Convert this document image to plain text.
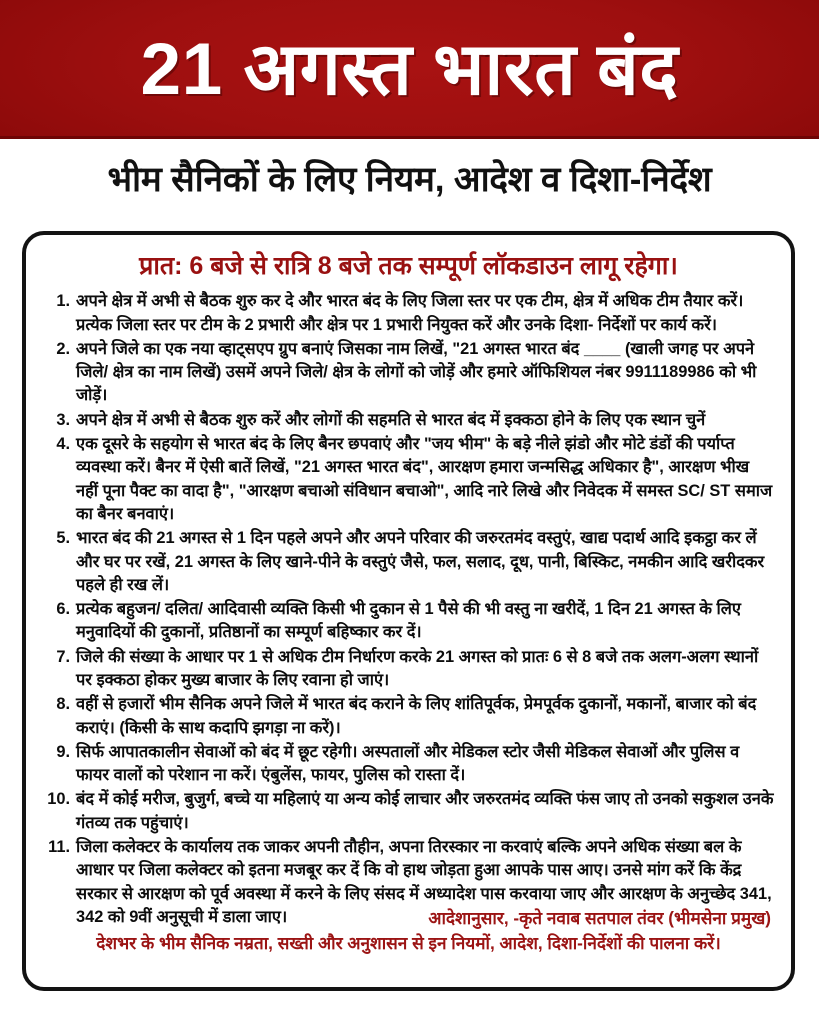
21 अगस्त भारत बंद
भीम सैनिकों के लिए नियम, आदेश व दिशा-निर्देश
प्रात: 6 बजे से रात्रि 8 बजे तक सम्पूर्ण लॉकडाउन लागू रहेगा।
अपने क्षेत्र में अभी से बैठक शुरु कर दे और भारत बंद के लिए जिला स्तर पर एक टीम, क्षेत्र में अधिक टीम तैयार करें। प्रत्येक जिला स्तर पर टीम के 2 प्रभारी और क्षेत्र पर 1 प्रभारी नियुक्त करें और उनके दिशा- निर्देशों पर कार्य करें।
अपने जिले का एक नया व्हाट्सएप ग्रुप बनाएं जिसका नाम लिखें, "21 अगस्त भारत बंद ____ (खाली जगह पर अपने जिले/ क्षेत्र का नाम लिखें) उसमें अपने जिले/ क्षेत्र के लोगों को जोड़ें और हमारे ऑफिशियल नंबर 9911189986 को भी जोड़ें।
अपने क्षेत्र में अभी से बैठक शुरु करें और लोगों की सहमति से भारत बंद में इक्कठा होने के लिए एक स्थान चुनें
एक दूसरे के सहयोग से भारत बंद के लिए बैनर छपवाएं और "जय भीम" के बड़े नीले झंडो और मोटे डंडों की पर्याप्त व्यवस्था करें। बैनर में ऐसी बातें लिखें, "21 अगस्त भारत बंद", आरक्षण हमारा जन्मसिद्ध अधिकार है", आरक्षण भीख नहीं पूना पैक्ट का वादा है", "आरक्षण बचाओ संविधान बचाओ", आदि नारे लिखे और निवेदक में समस्त SC/ ST समाज का बैनर बनवाएं।
भारत बंद की 21 अगस्त से 1 दिन पहले अपने और अपने परिवार की जरुरतमंद वस्तुएं, खाद्य पदार्थ आदि इकट्ठा कर लें और घर पर रखें, 21 अगस्त के लिए खाने-पीने के वस्तुएं जैसे, फल, सलाद, दूध, पानी, बिस्किट, नमकीन आदि खरीदकर पहले ही रख लें।
प्रत्येक बहुजन/ दलित/ आदिवासी व्यक्ति किसी भी दुकान से 1 पैसे की भी वस्तु ना खरीदें, 1 दिन 21 अगस्त के लिए मनुवादियों की दुकानों, प्रतिष्ठानों का सम्पूर्ण बहिष्कार कर दें।
जिले की संख्या के आधार पर 1 से अधिक टीम निर्धारण करके 21 अगस्त को प्रातः 6 से 8 बजे तक अलग-अलग स्थानों पर इक्कठा होकर मुख्य बाजार के लिए रवाना हो जाएं।
वहीं से हजारों भीम सैनिक अपने जिले में भारत बंद कराने के लिए शांतिपूर्वक, प्रेमपूर्वक दुकानों, मकानों, बाजार को बंद कराएं। (किसी के साथ कदापि झगड़ा ना करें)।
सिर्फ आपातकालीन सेवाओं को बंद में छूट रहेगी। अस्पतालों और मेडिकल स्टोर जैसी मेडिकल सेवाओं और पुलिस व फायर वालों को परेशान ना करें। एंबुलेंस, फायर, पुलिस को रास्ता दें।
बंद में कोई मरीज, बुजुर्ग, बच्चे या महिलाएं या अन्य कोई लाचार और जरुरतमंद व्यक्ति फंस जाए तो उनको सकुशल उनके गंतव्य तक पहुंचाएं।
जिला कलेक्टर के कार्यालय तक जाकर अपनी तौहीन, अपना तिरस्कार ना करवाएं बल्कि अपने अधिक संख्या बल के आधार पर जिला कलेक्टर को इतना मजबूर कर दें कि वो हाथ जोड़ता हुआ आपके पास आए। उनसे मांग करें कि केंद्र सरकार से आरक्षण को पूर्व अवस्था में करने के लिए संसद में अध्यादेश पास करवाया जाए और आरक्षण के अनुच्छेद 341, 342 को 9वीं अनुसूची में डाला जाए।	आदेशानुसार, -कृते नवाब सतपाल तंवर (भीमसेना प्रमुख)
देशभर के भीम सैनिक नम्रता, सख्ती और अनुशासन से इन नियमों, आदेश, दिशा-निर्देशों की पालना करें।
